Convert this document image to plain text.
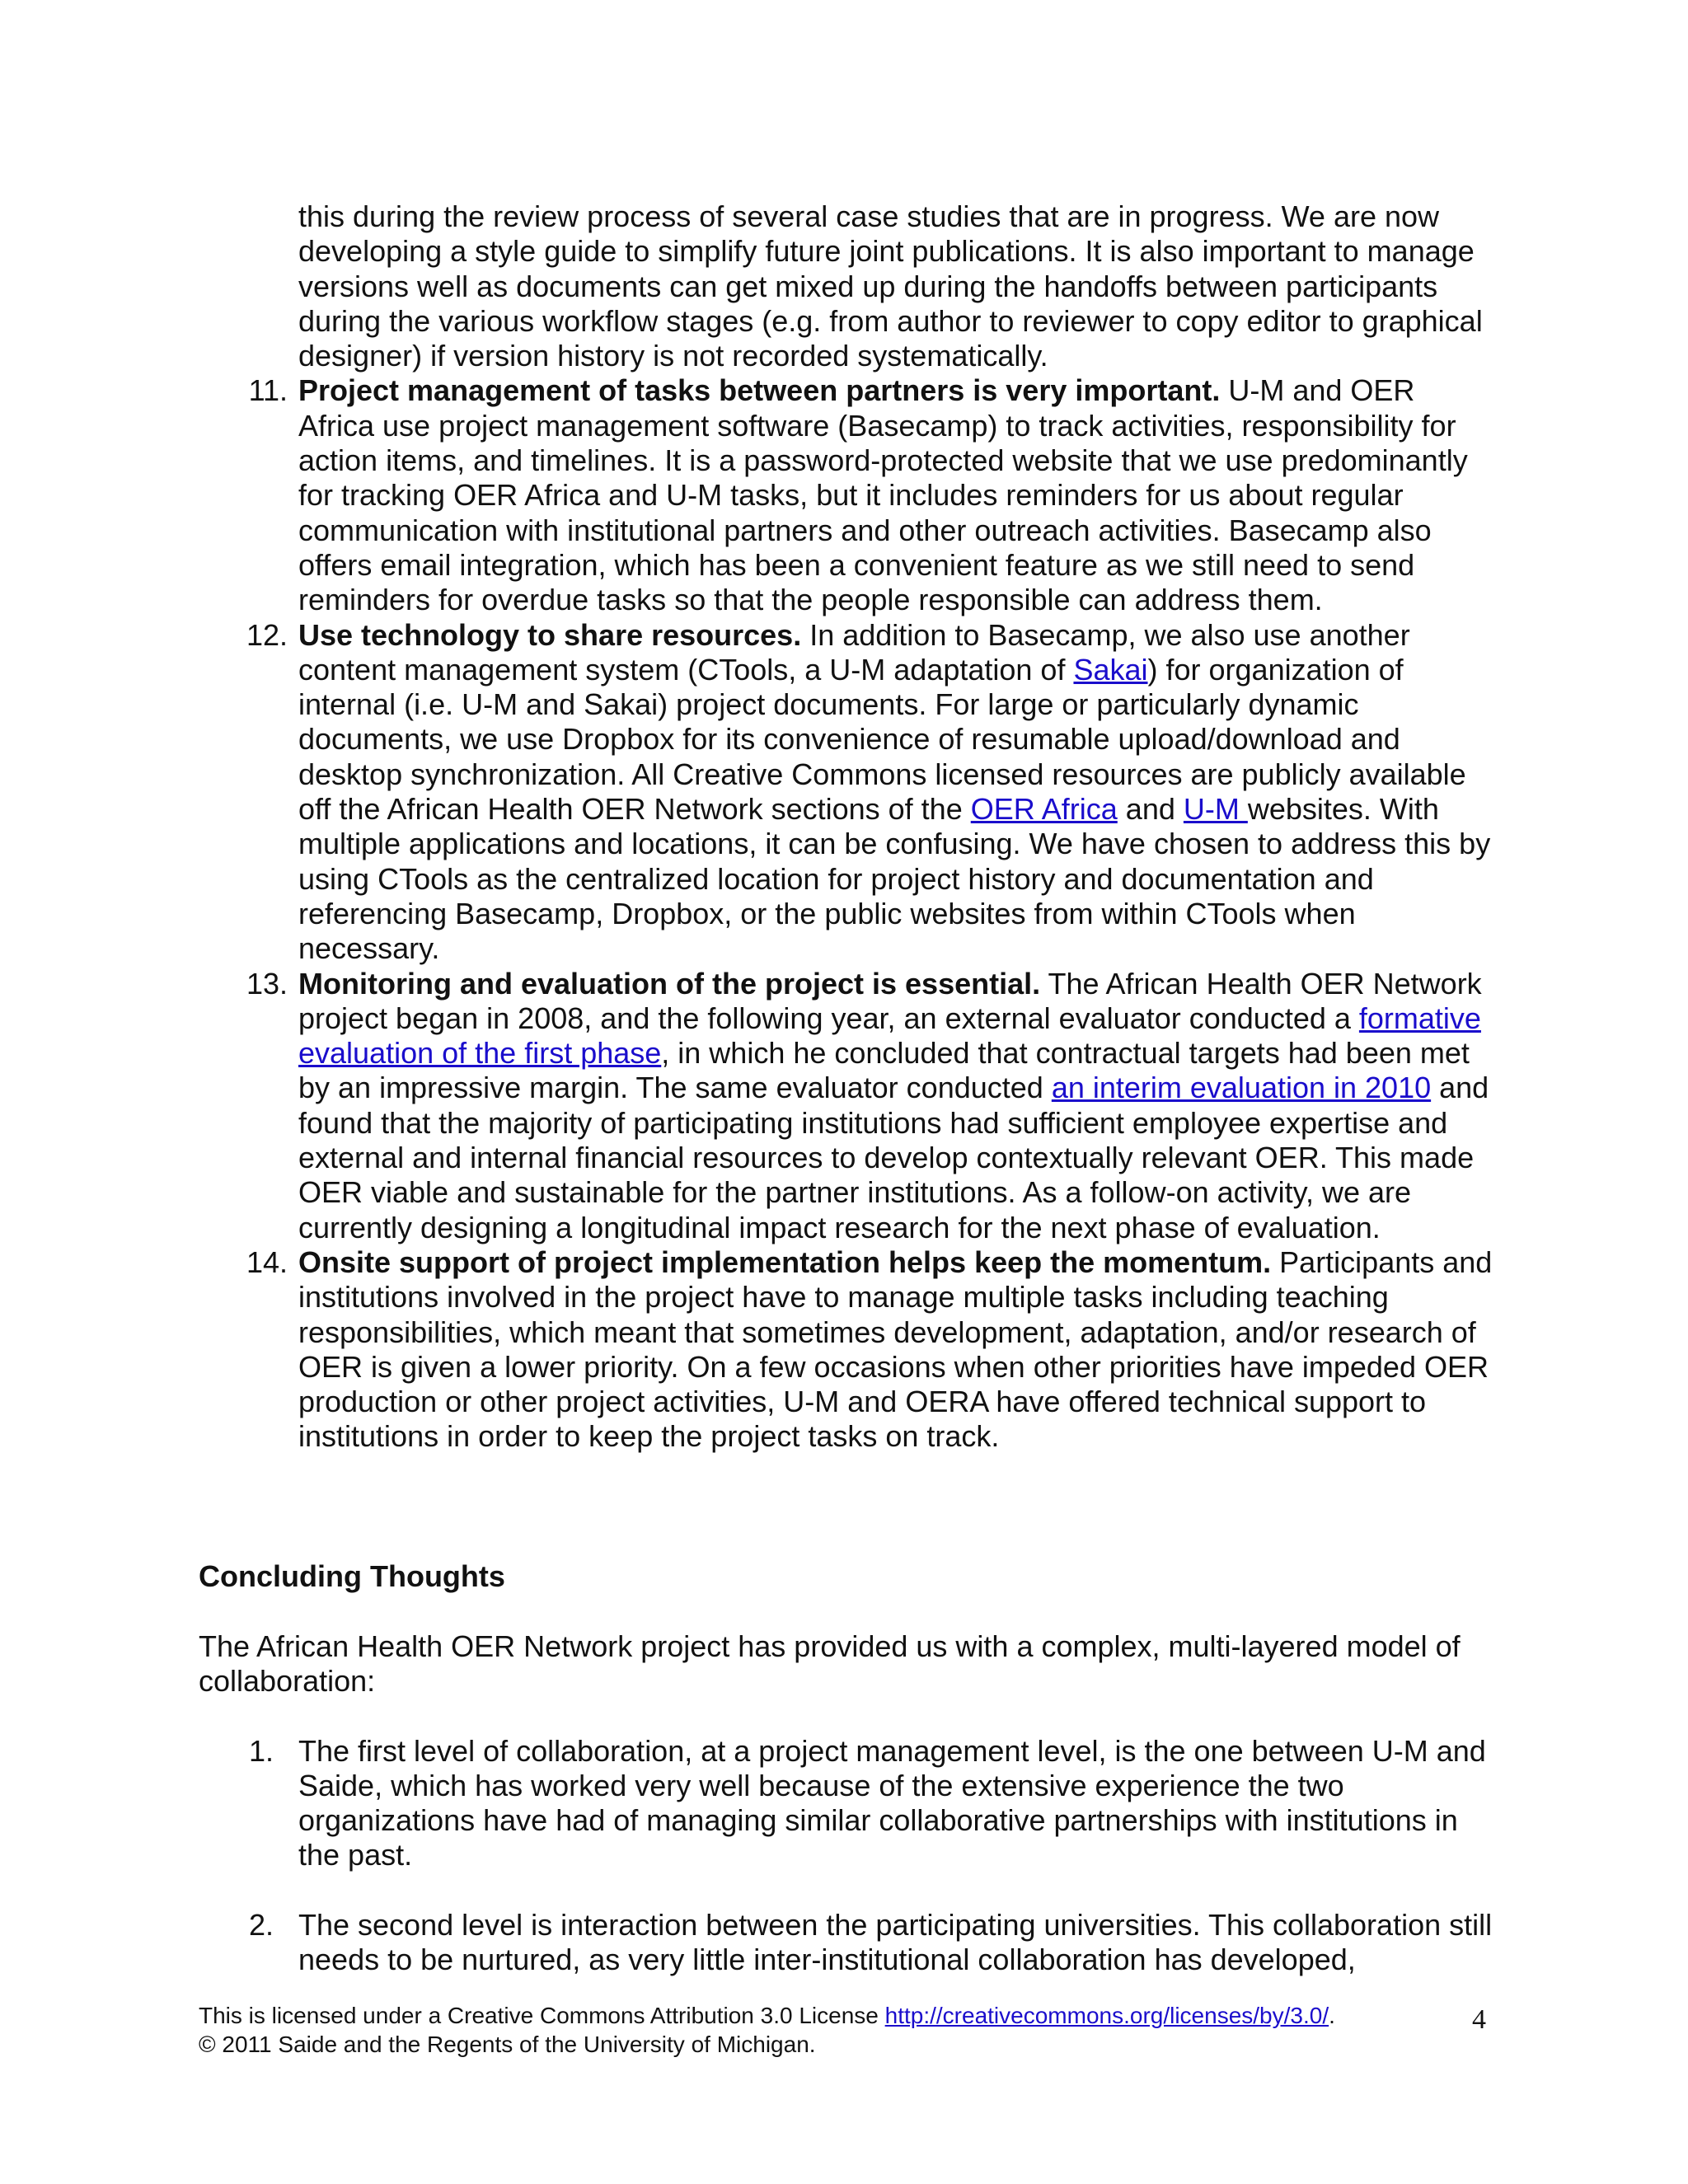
this during the review process of several case studies that are in progress. We are now developing a style guide to simplify future joint publications. It is also important to manage versions well as documents can get mixed up during the handoffs between participants during the various workflow stages (e.g. from author to reviewer to copy editor to graphical designer) if version history is not recorded systematically.
11. Project management of tasks between partners is very important. U-M and OER Africa use project management software (Basecamp) to track activities, responsibility for action items, and timelines. It is a password-protected website that we use predominantly for tracking OER Africa and U-M tasks, but it includes reminders for us about regular communication with institutional partners and other outreach activities. Basecamp also offers email integration, which has been a convenient feature as we still need to send reminders for overdue tasks so that the people responsible can address them.
12. Use technology to share resources. In addition to Basecamp, we also use another content management system (CTools, a U-M adaptation of Sakai) for organization of internal (i.e. U-M and Sakai) project documents. For large or particularly dynamic documents, we use Dropbox for its convenience of resumable upload/download and desktop synchronization. All Creative Commons licensed resources are publicly available off the African Health OER Network sections of the OER Africa and U-M websites. With multiple applications and locations, it can be confusing. We have chosen to address this by using CTools as the centralized location for project history and documentation and referencing Basecamp, Dropbox, or the public websites from within CTools when necessary.
13. Monitoring and evaluation of the project is essential. The African Health OER Network project began in 2008, and the following year, an external evaluator conducted a formative evaluation of the first phase, in which he concluded that contractual targets had been met by an impressive margin. The same evaluator conducted an interim evaluation in 2010 and found that the majority of participating institutions had sufficient employee expertise and external and internal financial resources to develop contextually relevant OER. This made OER viable and sustainable for the partner institutions. As a follow-on activity, we are currently designing a longitudinal impact research for the next phase of evaluation.
14. Onsite support of project implementation helps keep the momentum. Participants and institutions involved in the project have to manage multiple tasks including teaching responsibilities, which meant that sometimes development, adaptation, and/or research of OER is given a lower priority. On a few occasions when other priorities have impeded OER production or other project activities, U-M and OERA have offered technical support to institutions in order to keep the project tasks on track.
Concluding Thoughts

The African Health OER Network project has provided us with a complex, multi-layered model of collaboration:

1. The first level of collaboration, at a project management level, is the one between U-M and Saide, which has worked very well because of the extensive experience the two organizations have had of managing similar collaborative partnerships with institutions in the past.
2. The second level is interaction between the participating universities. This collaboration still needs to be nurtured, as very little inter-institutional collaboration has developed,
This is licensed under a Creative Commons Attribution 3.0 License http://creativecommons.org/licenses/by/3.0/.
© 2011 Saide and the Regents of the University of Michigan.
4
